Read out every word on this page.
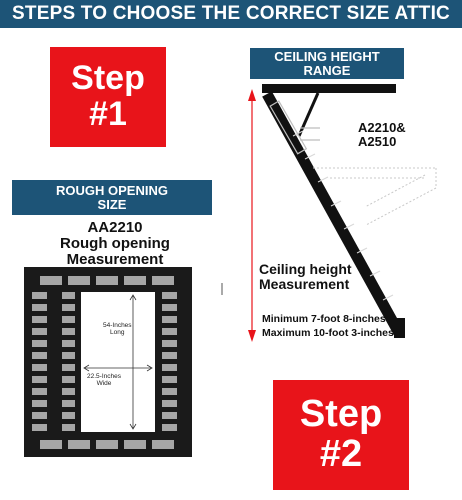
STEPS TO CHOOSE THE CORRECT SIZE ATTIC
Step
#1
ROUGH OPENING
SIZE
AA2210
Rough opening
Measurement
CEILING HEIGHT
RANGE
54-Inches
Long
22.5-Inches
Wide
A2210&
A2510
Ceiling height
Measurement
Minimum 7-foot 8-inches
Maximum 10-foot 3-inches
Step
#2
